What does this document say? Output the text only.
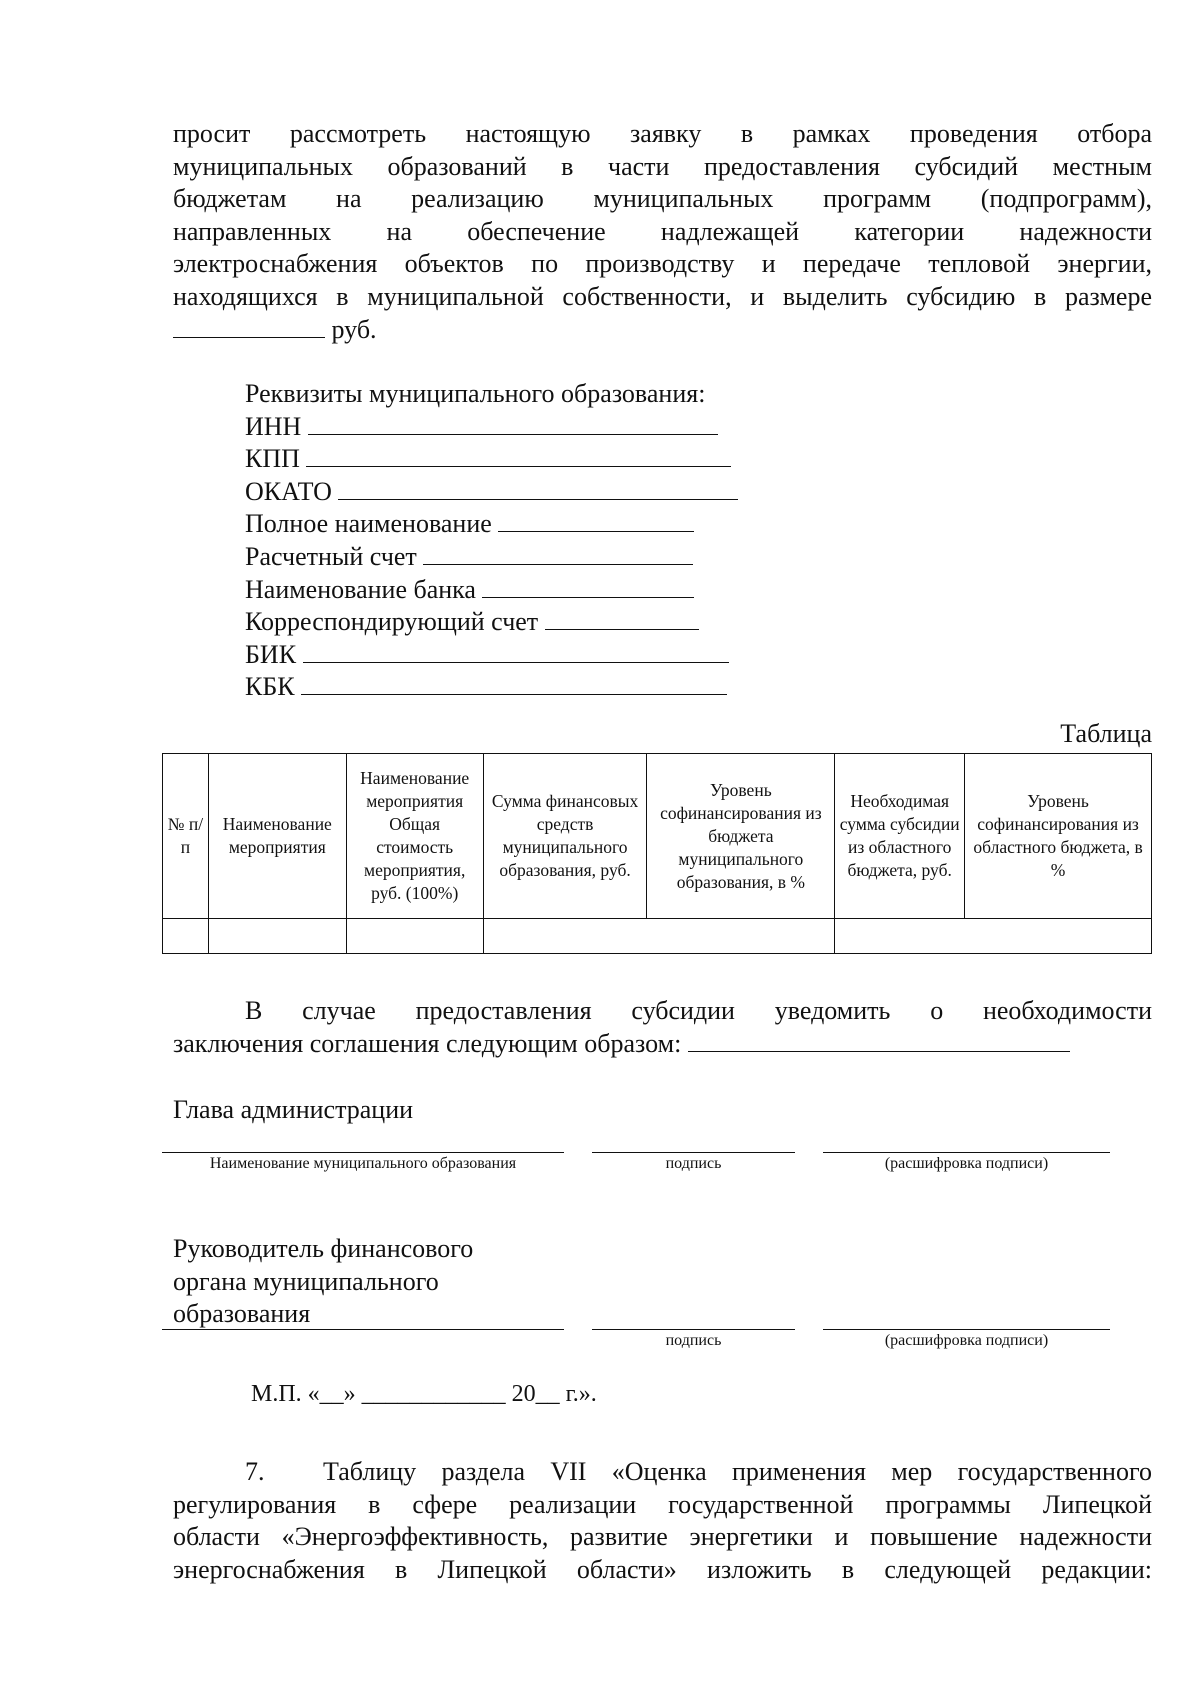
просит рассмотреть настоящую заявку в рамках проведения отбора
муниципальных образований в части предоставления субсидий местным
бюджетам на реализацию муниципальных программ (подпрограмм),
направленных на обеспечение надлежащей категории надежности
электроснабжения объектов по производству и передаче тепловой энергии,
находящихся в муниципальной собственности, и выделить субсидию в размере
руб.
Реквизиты муниципального образования:
ИНН
КПП
ОКАТО
Полное наименование
Расчетный счет
Наименование банка
Корреспондирующий счет
БИК
КБК
Таблица
№ п/п	Наименование мероприятия	Наименование мероприятия Общая стоимость мероприятия, руб. (100%)	Сумма финансовых средств муниципального образования, руб.	Уровень софинансирования из бюджета муниципального образования, в %	Необходимая сумма субсидии из областного бюджета, руб.	Уровень софинансирования из областного бюджета, в %

В случае предоставления субсидии уведомить о необходимости
заключения соглашения следующим образом:
Глава администрации
Наименование муниципального образования	подпись	(расшифровка подписи)
Руководитель финансового
органа муниципального
образования
подпись	(расшифровка подписи)
М.П. «__» ____________ 20__ г.».
7. Таблицу раздела VII «Оценка применения мер государственного
регулирования в сфере реализации государственной программы Липецкой
области «Энергоэффективность, развитие энергетики и повышение надежности
энергоснабжения в Липецкой области» изложить в следующей редакции:
